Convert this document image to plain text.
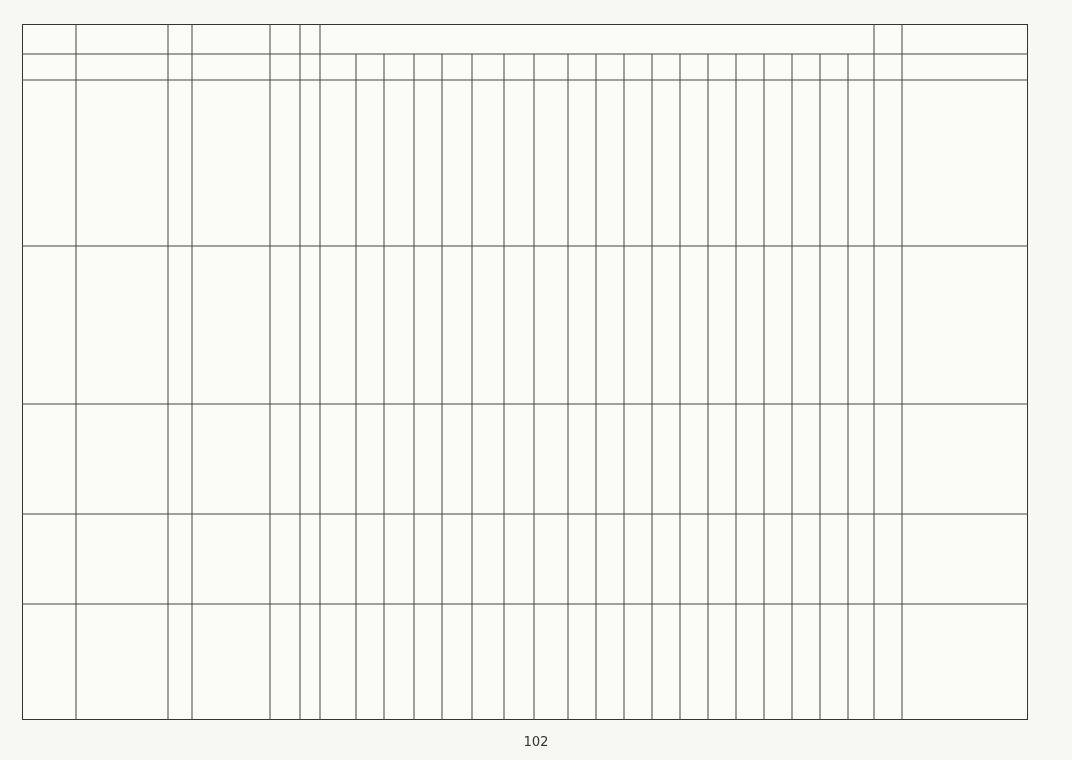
102
